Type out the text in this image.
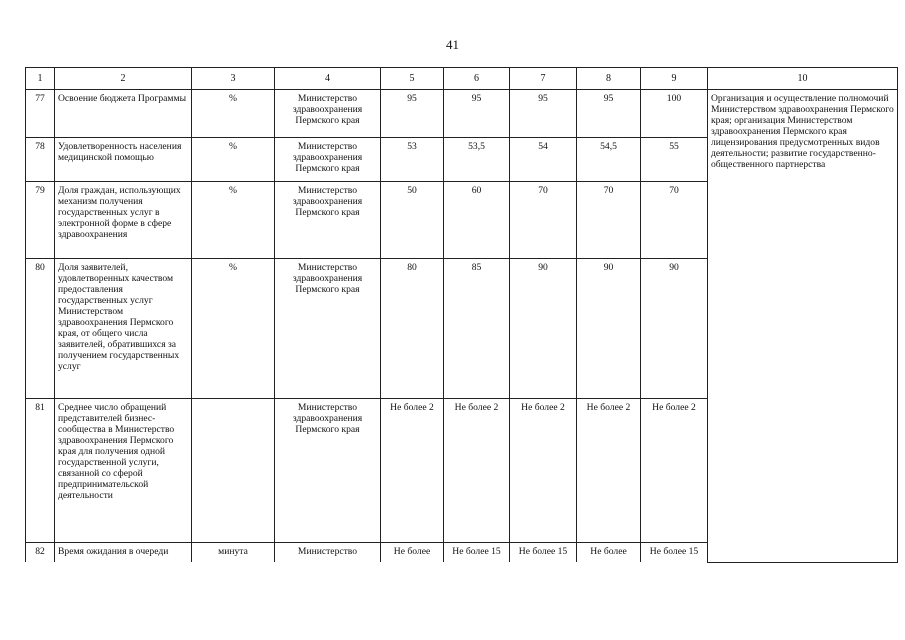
41
1	2	3	4	5	6	7	8	9	10
77	Освоение бюджета Программы	%	Министерство здравоохранения Пермского края	95	95	95	95	100	Организация и осуществление полномочий Министерством здравоохранения Пермского края; организация Министерством здравоохранения Пермского края лицензирования предусмотренных видов деятельности; развитие государственно-общественного партнерства
78	Удовлетворенность населения медицинской помощью	%	Министерство здравоохранения Пермского края	53	53,5	54	54,5	55	
79	Доля граждан, использующих механизм получения государственных услуг в электронной форме в сфере здравоохранения	%	Министерство здравоохранения Пермского края	50	60	70	70	70	
80	Доля заявителей, удовлетворенных качеством предоставления государственных услуг Министерством здравоохранения Пермского края, от общего числа заявителей, обратившихся за получением государственных услуг	%	Министерство здравоохранения Пермского края	80	85	90	90	90	
81	Среднее число обращений представителей бизнес-сообщества в Министерство здравоохранения Пермского края для получения одной государственной услуги, связанной со сферой предпринимательской деятельности		Министерство здравоохранения Пермского края	Не более 2	Не более 2	Не более 2	Не более 2	Не более 2	
82	Время ожидания в очереди	минута	Министерство	Не более	Не более 15	Не более 15	Не более	Не более 15	
